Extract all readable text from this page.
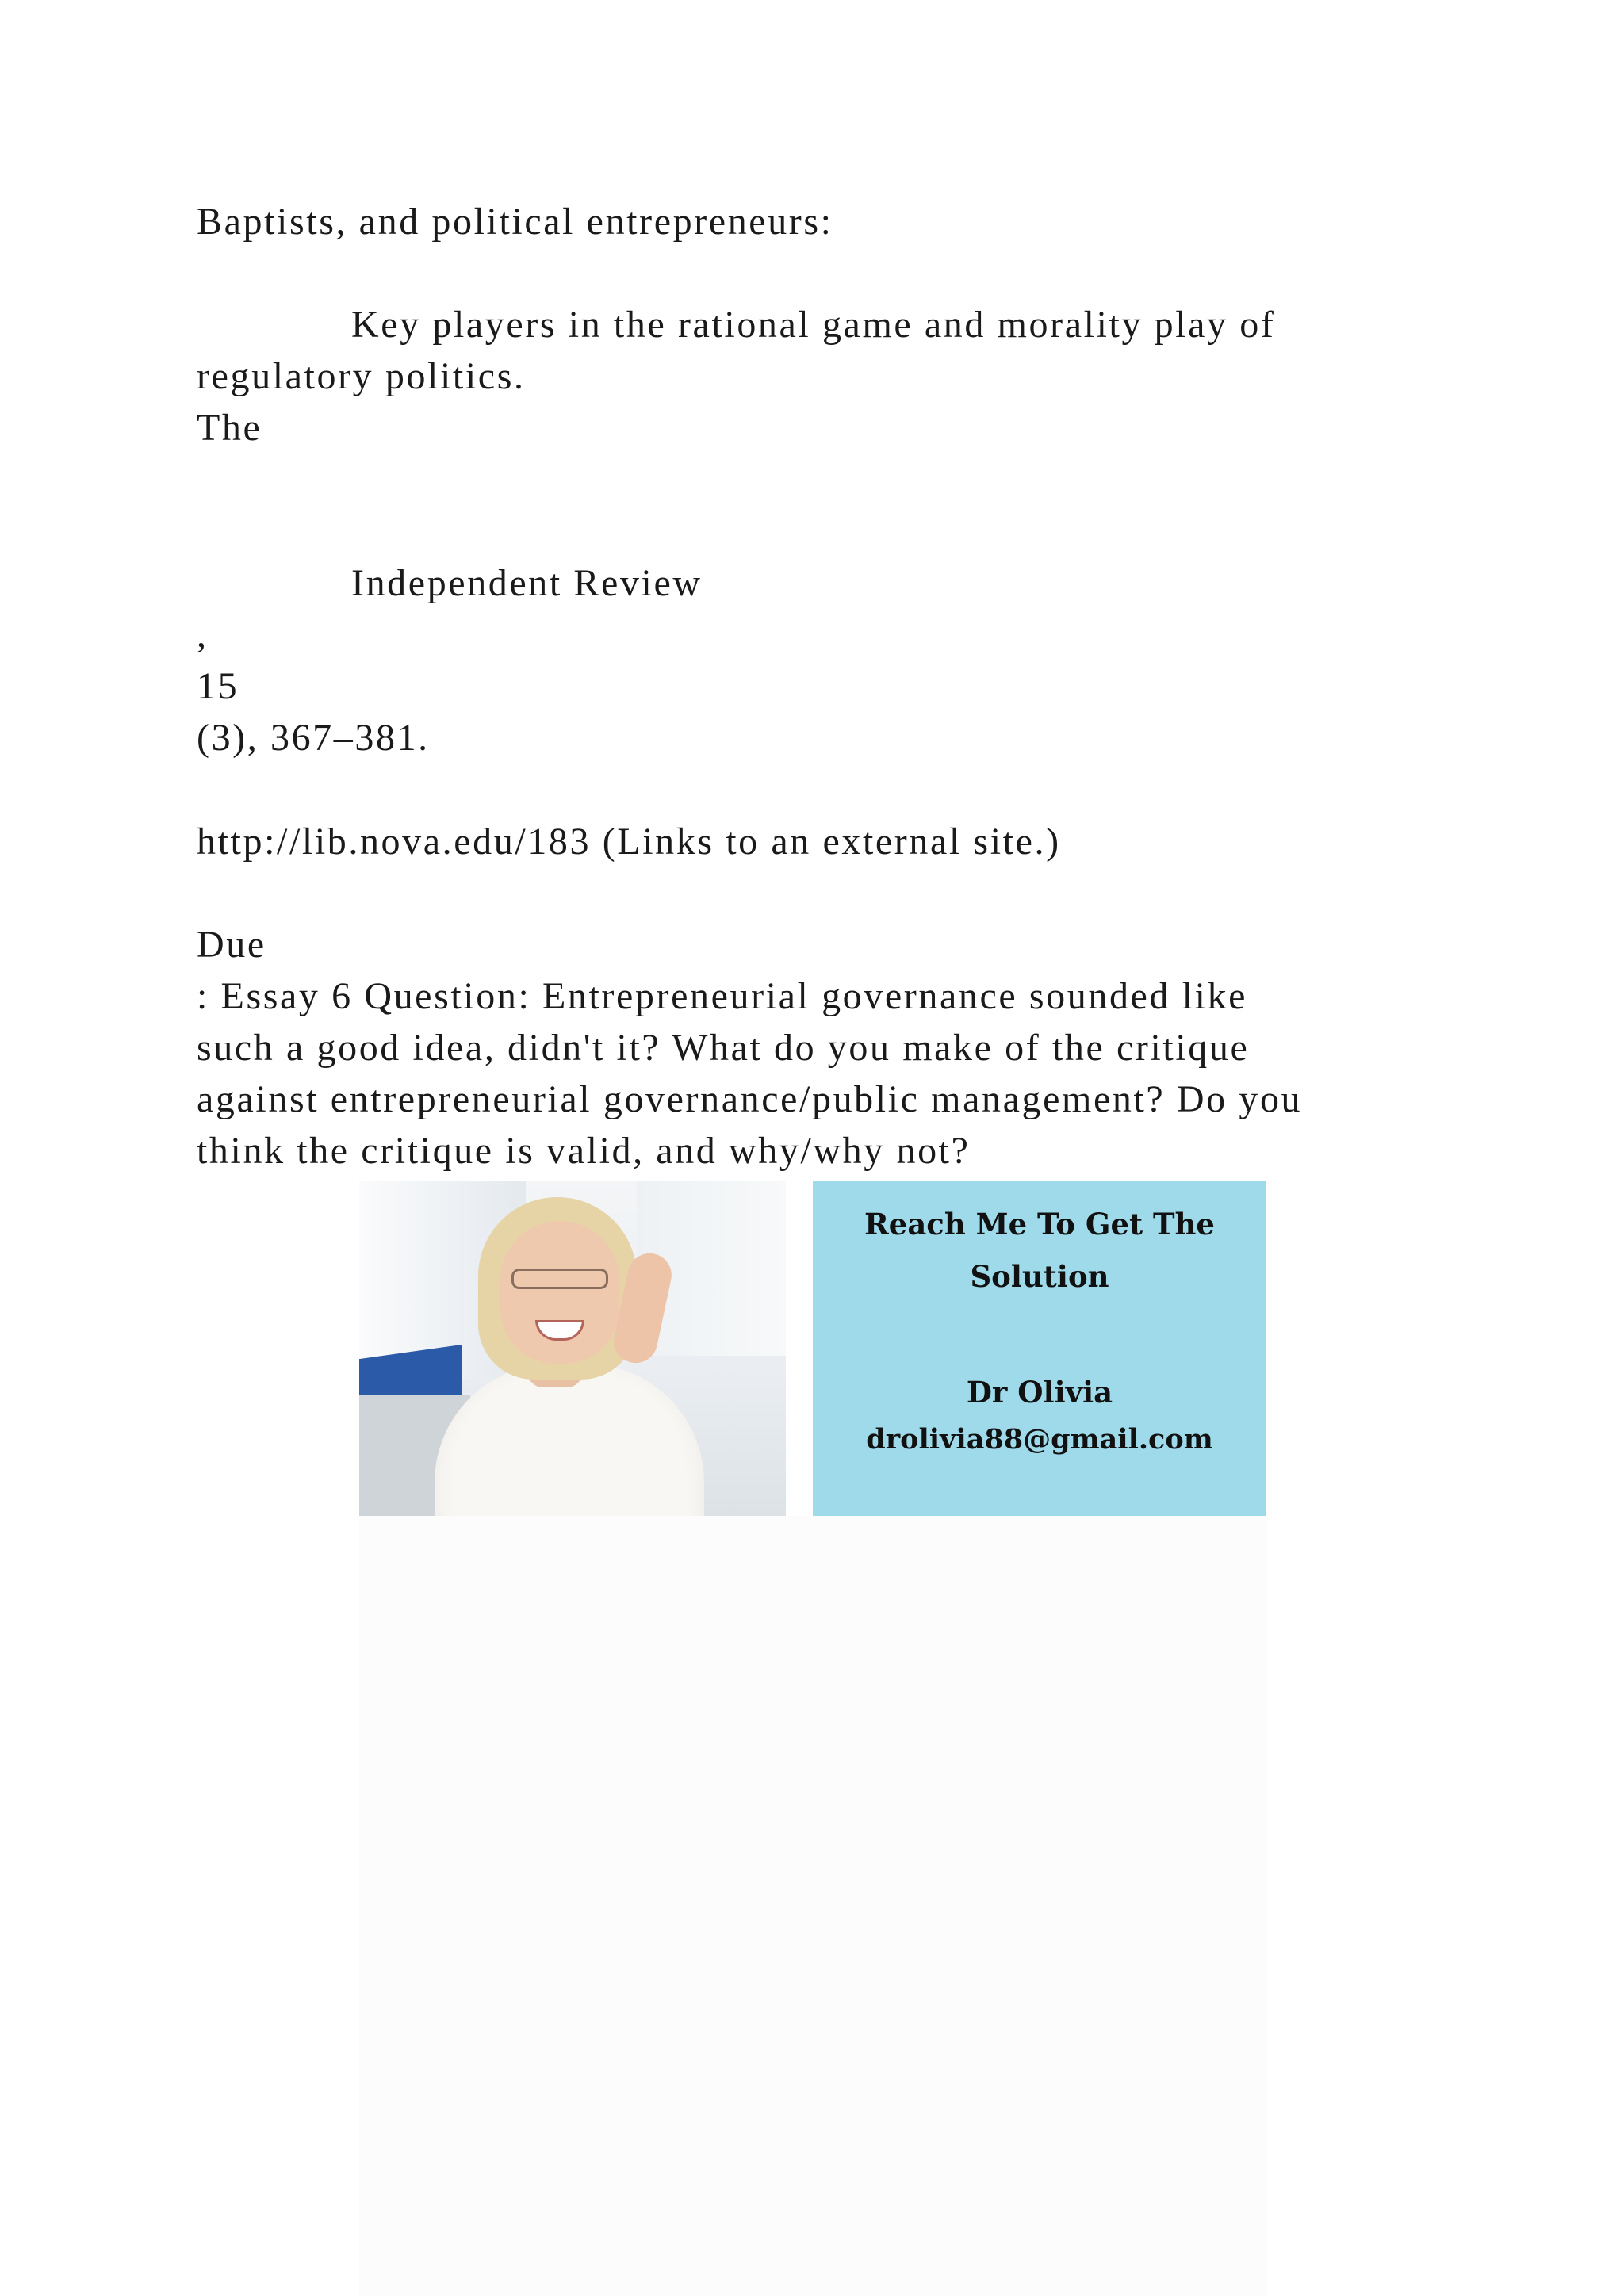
Baptists, and political entrepreneurs:
Key players in the rational game and morality play of
regulatory politics.
The
Independent Review
,
15
(3), 367–381.
http://lib.nova.edu/183 (Links to an external site.)
Due
: Essay 6 Question: Entrepreneurial governance sounded like
such a good idea, didn't it? What do you make of the critique
against entrepreneurial governance/public management? Do you
think the critique is valid, and why/why not?
Reach Me To Get The
Solution
Dr Olivia
drolivia88@gmail.com
